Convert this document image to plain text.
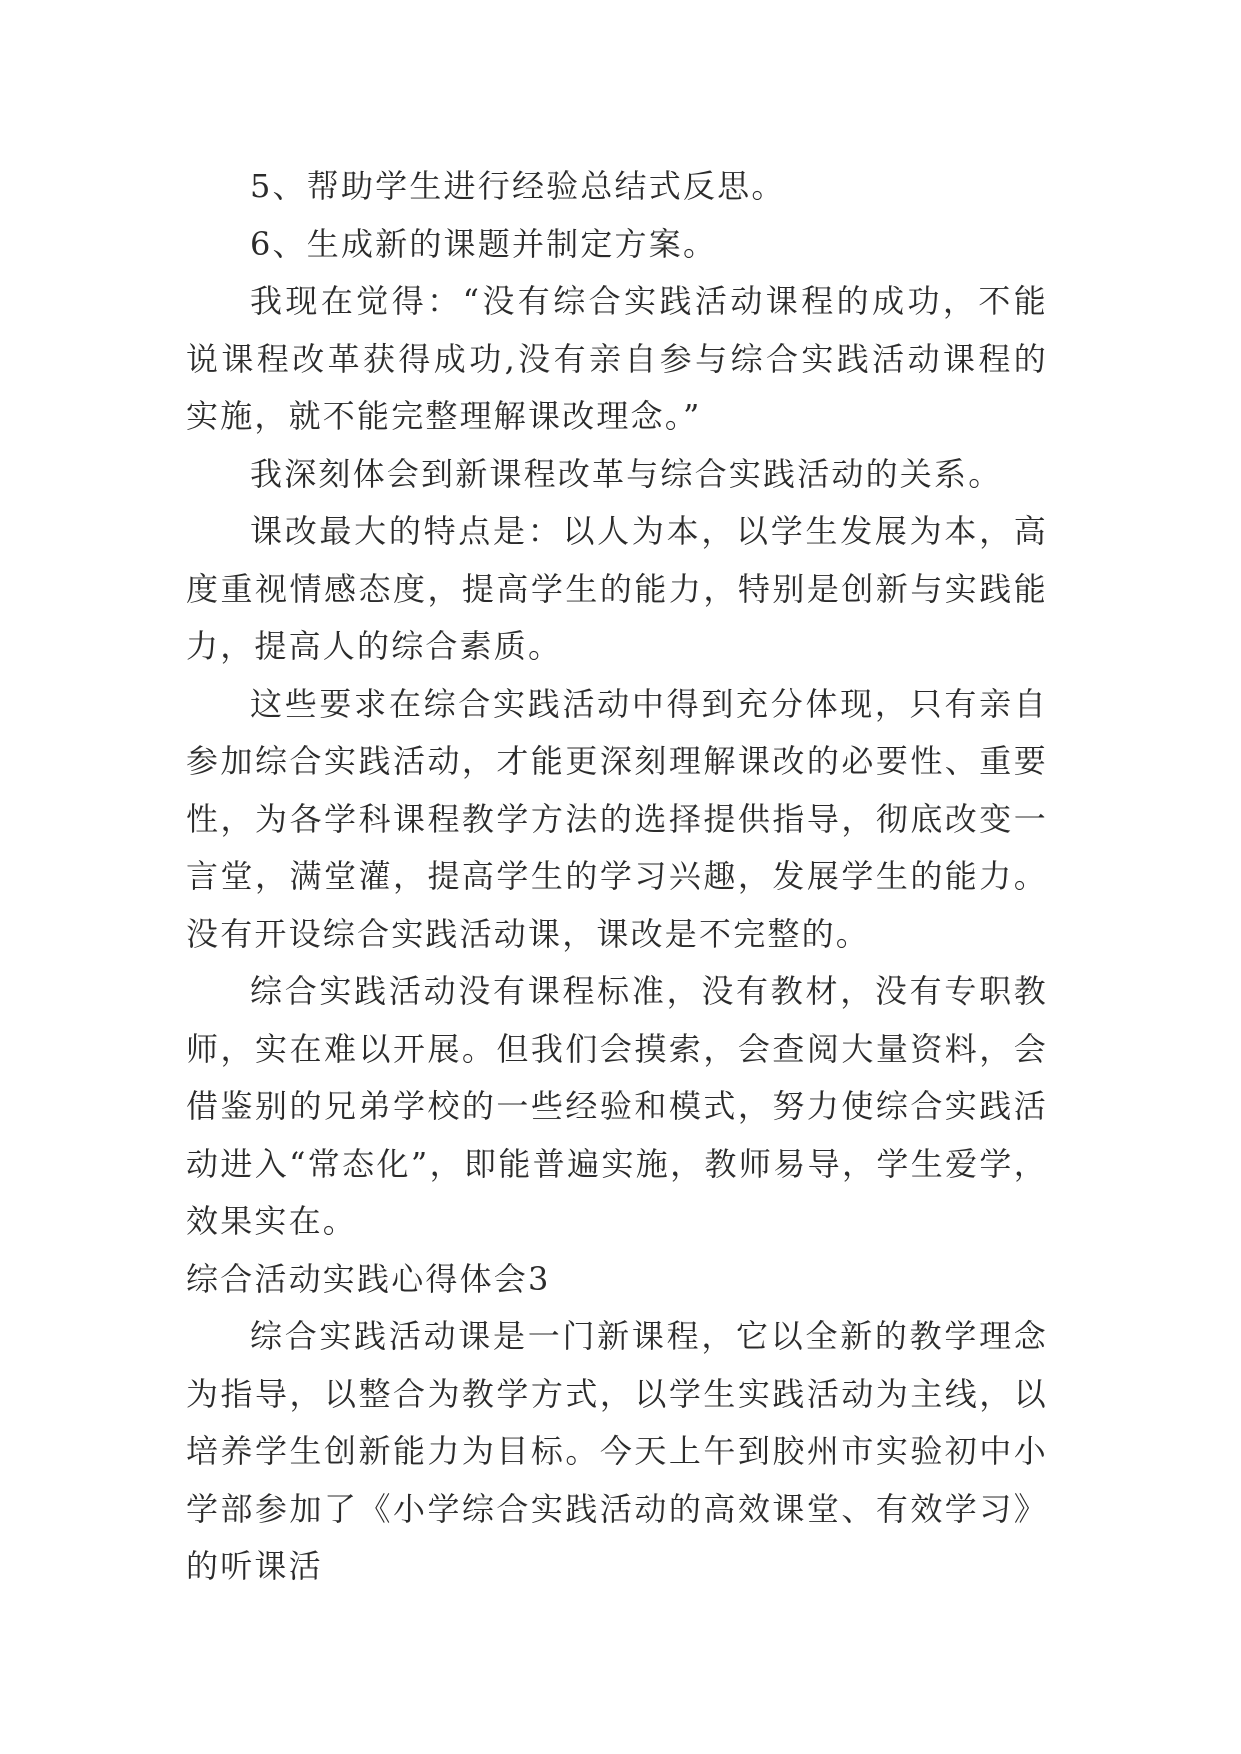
5、帮助学生进行经验总结式反思。

6、生成新的课题并制定方案。

我现在觉得：“没有综合实践活动课程的成功，不能说课程改革获得成功,没有亲自参与综合实践活动课程的实施，就不能完整理解课改理念。”

我深刻体会到新课程改革与综合实践活动的关系。

课改最大的特点是：以人为本，以学生发展为本，高度重视情感态度，提高学生的能力，特别是创新与实践能力，提高人的综合素质。

这些要求在综合实践活动中得到充分体现，只有亲自参加综合实践活动，才能更深刻理解课改的必要性、重要性，为各学科课程教学方法的选择提供指导，彻底改变一言堂，满堂灌，提高学生的学习兴趣，发展学生的能力。没有开设综合实践活动课，课改是不完整的。

综合实践活动没有课程标准，没有教材，没有专职教师，实在难以开展。但我们会摸索，会查阅大量资料，会借鉴别的兄弟学校的一些经验和模式，努力使综合实践活动进入“常态化”，即能普遍实施，教师易导，学生爱学，效果实在。

综合活动实践心得体会3

综合实践活动课是一门新课程，它以全新的教学理念为指导，以整合为教学方式，以学生实践活动为主线，以培养学生创新能力为目标。今天上午到胶州市实验初中小学部参加了《小学综合实践活动的高效课堂、有效学习》的听课活
